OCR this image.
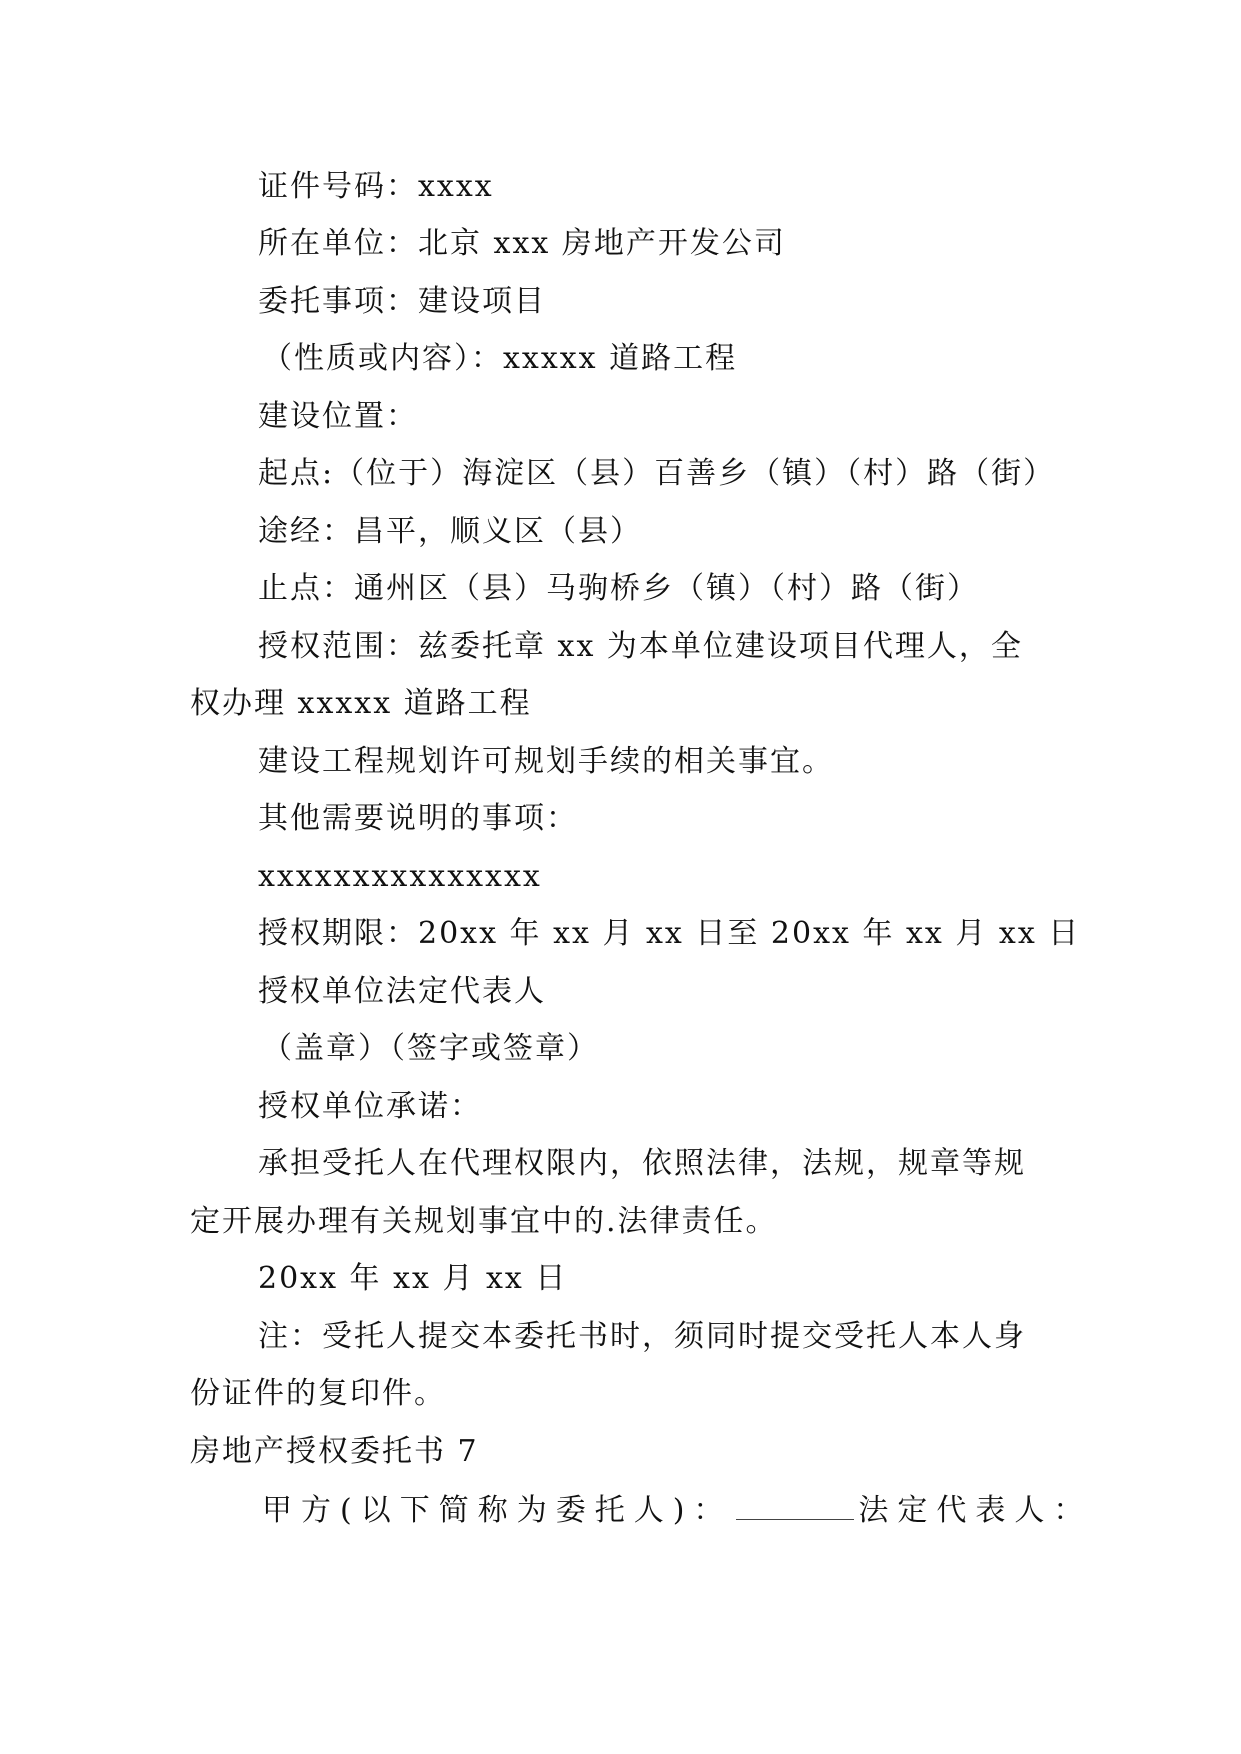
证件号码：xxxx
所在单位：北京 xxx 房地产开发公司
委托事项：建设项目
（性质或内容）：xxxxx 道路工程
建设位置：
起点:（位于）海淀区（县）百善乡（镇）（村）路（街）
途经：昌平，顺义区（县）
止点：通州区（县）马驹桥乡（镇）（村）路（街）
授权范围：兹委托章 xx 为本单位建设项目代理人，全
权办理 xxxxx 道路工程
建设工程规划许可规划手续的相关事宜。
其他需要说明的事项：
xxxxxxxxxxxxxxx
授权期限：20xx 年 xx 月 xx 日至 20xx 年 xx 月 xx 日
授权单位法定代表人
（盖章）（签字或签章）
授权单位承诺：
承担受托人在代理权限内，依照法律，法规，规章等规
定开展办理有关规划事宜中的.法律责任。
20xx 年 xx 月 xx 日
注：受托人提交本委托书时，须同时提交受托人本人身
份证件的复印件。
房地产授权委托书 7
甲方(以下简称为委托人)：	法定代表人：
